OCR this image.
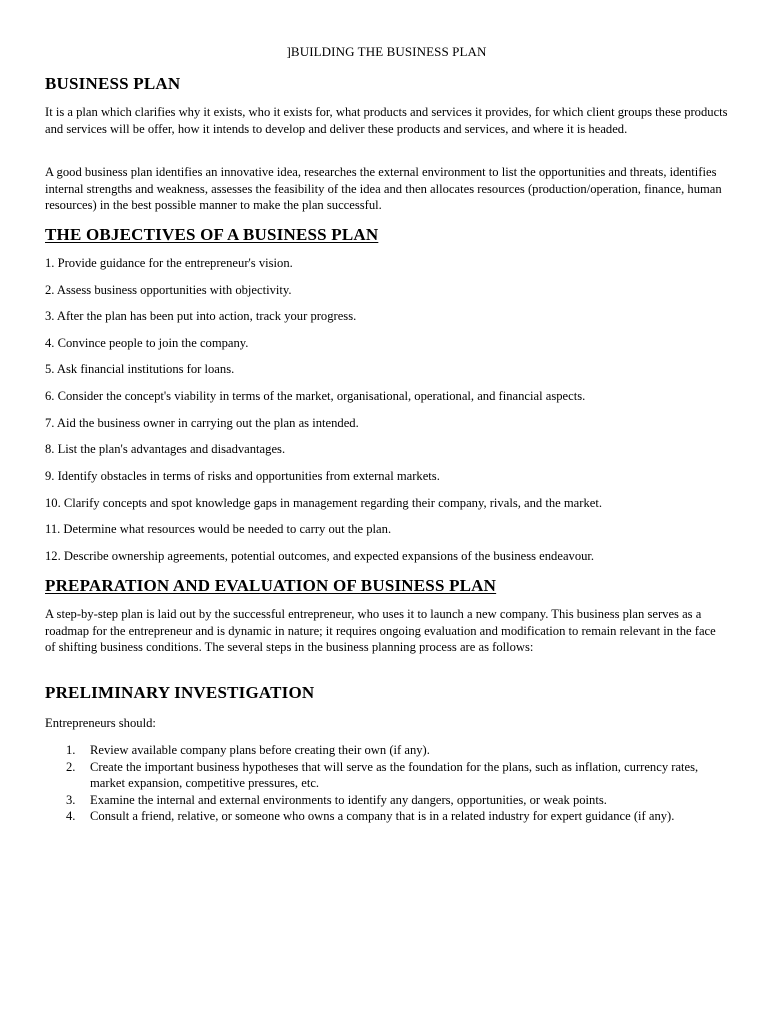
]BUILDING THE BUSINESS PLAN
BUSINESS PLAN

It is a plan which clarifies why it exists, who it exists for, what products and services it provides, for which client groups these products and services will be offer, how it intends to develop and deliver these products and services, and where it is headed.

A good business plan identifies an innovative idea, researches the external environment to list the opportunities and threats, identifies internal strengths and weakness, assesses the feasibility of the idea and then allocates resources (production/operation, finance, human resources) in the best possible manner to make the plan successful.

THE OBJECTIVES OF A BUSINESS PLAN
1. Provide guidance for the entrepreneur's vision.
2. Assess business opportunities with objectivity.
3. After the plan has been put into action, track your progress.
4. Convince people to join the company.
5. Ask financial institutions for loans.
6. Consider the concept's viability in terms of the market, organisational, operational, and financial aspects.
7. Aid the business owner in carrying out the plan as intended.
8. List the plan's advantages and disadvantages.
9. Identify obstacles in terms of risks and opportunities from external markets.
10. Clarify concepts and spot knowledge gaps in management regarding their company, rivals, and the market.
11. Determine what resources would be needed to carry out the plan.
12. Describe ownership agreements, potential outcomes, and expected expansions of the business endeavour.
PREPARATION AND EVALUATION OF BUSINESS PLAN

A step-by-step plan is laid out by the successful entrepreneur, who uses it to launch a new company. This business plan serves as a roadmap for the entrepreneur and is dynamic in nature; it requires ongoing evaluation and modification to remain relevant in the face of shifting business conditions. The several steps in the business planning process are as follows:

PRELIMINARY INVESTIGATION

Entrepreneurs should:

1. Review available company plans before creating their own (if any).
2. Create the important business hypotheses that will serve as the foundation for the plans, such as inflation, currency rates, market expansion, competitive pressures, etc.
3. Examine the internal and external environments to identify any dangers, opportunities, or weak points.
4. Consult a friend, relative, or someone who owns a company that is in a related industry for expert guidance (if any).
